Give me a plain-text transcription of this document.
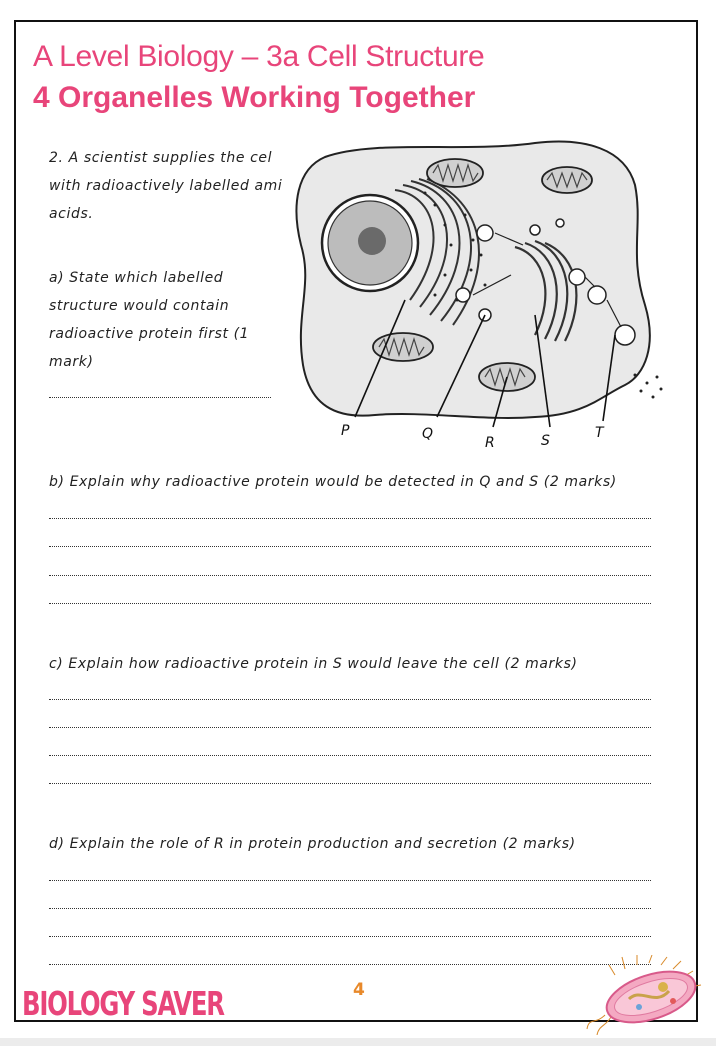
A Level Biology – 3a Cell Structure
4 Organelles Working Together
2. A scientist supplies the cel
with radioactively labelled ami
acids.
a) State which labelled
structure would contain
radioactive protein first (1
mark)
P	Q
R	S	T
b) Explain why radioactive protein would be detected in Q and S (2 marks)
c) Explain how radioactive protein in S would leave the cell (2 marks)
d) Explain the role of R in protein production and secretion (2 marks)
4
BIOLOGY SAVER
